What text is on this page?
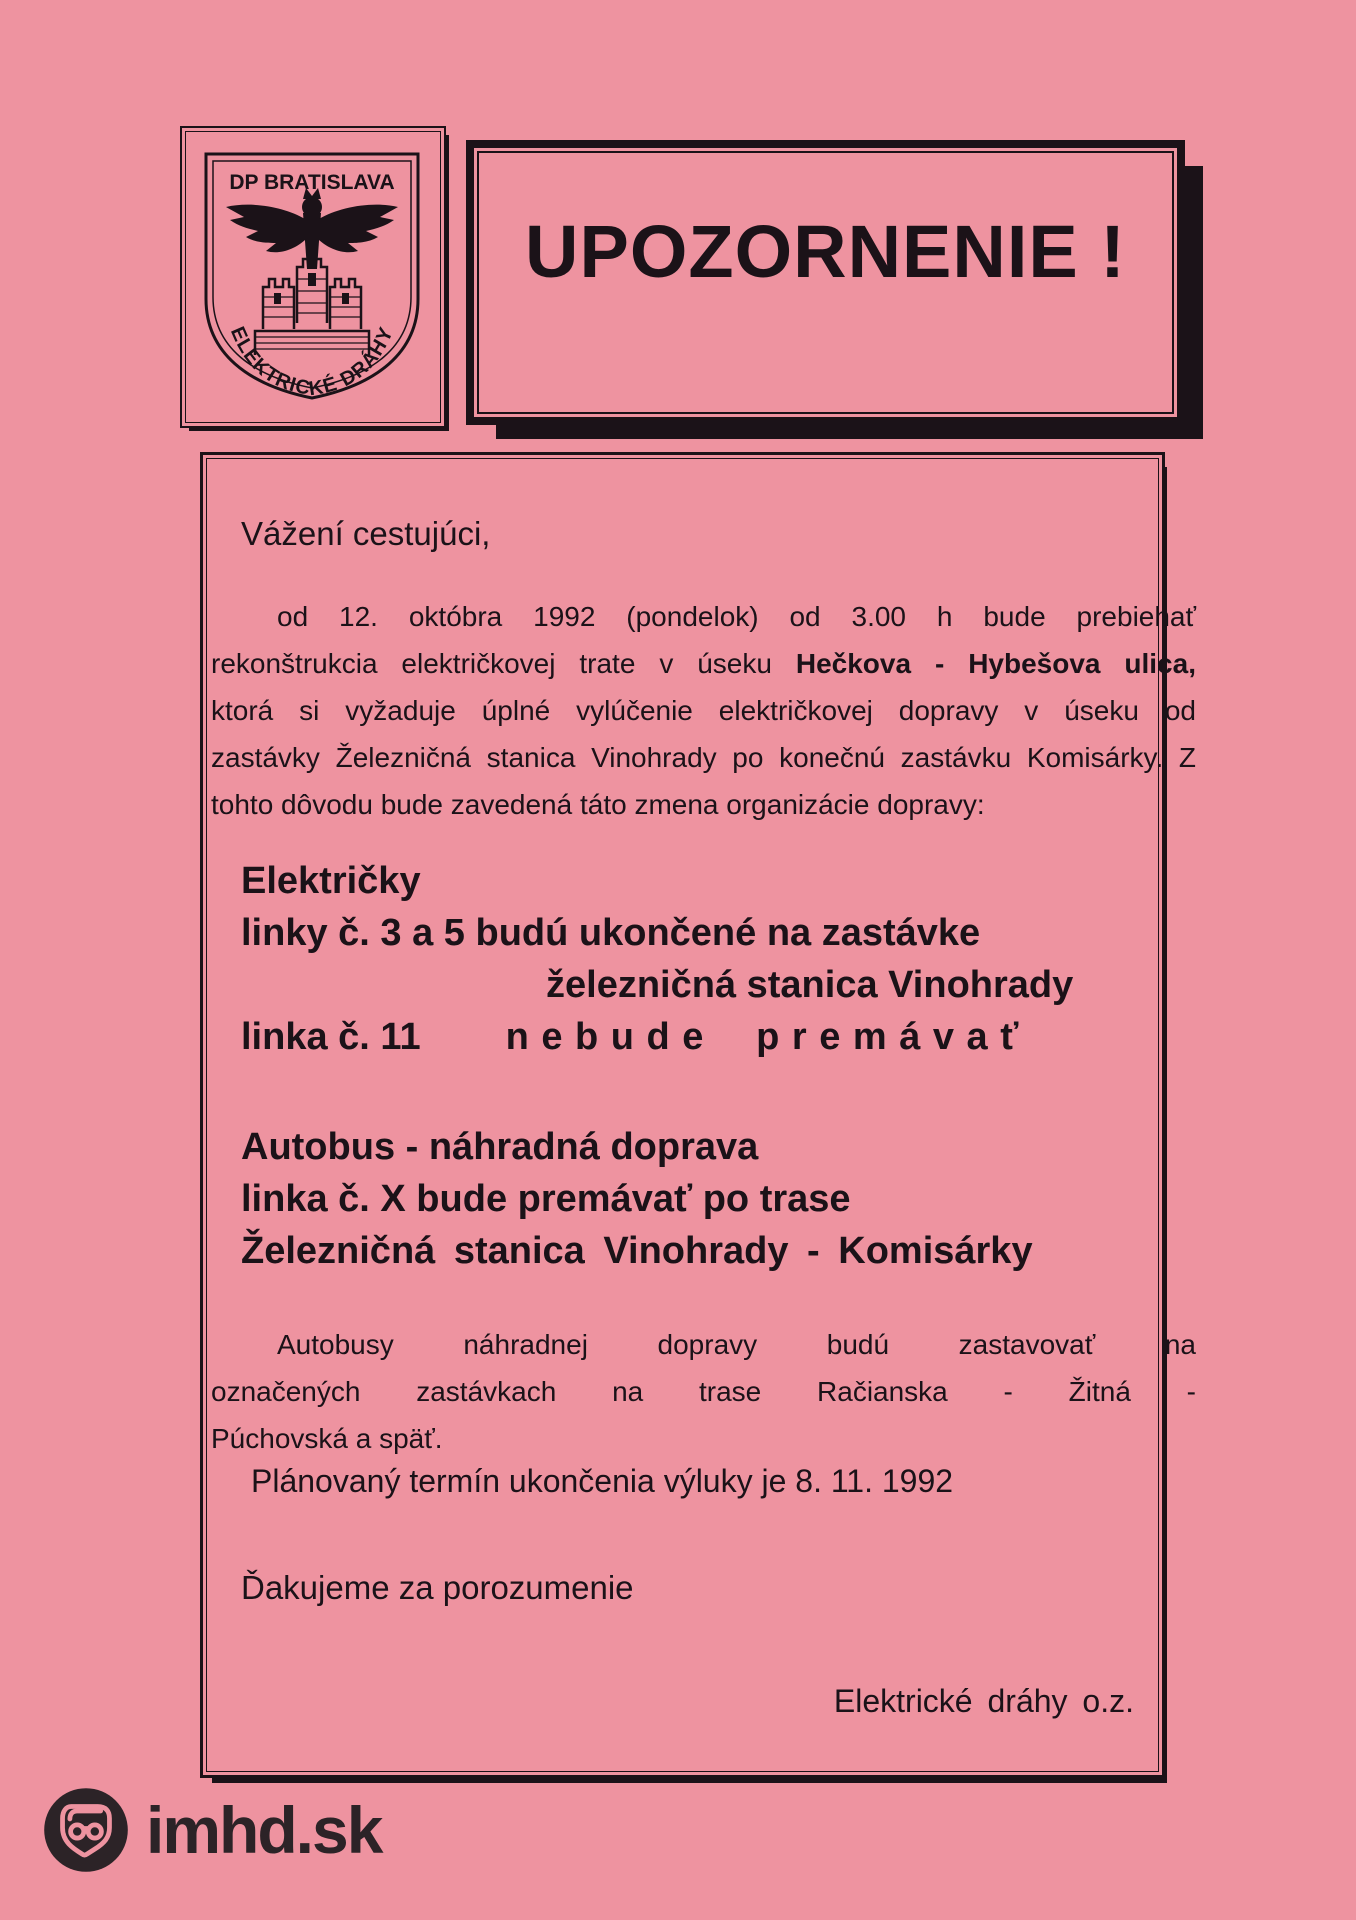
DP BRATISLAVA
ELEKTRICKÉ DRÁHY
UPOZORNENIE !
Vážení cestujúci,
od 12. októbra 1992 (pondelok) od 3.00 h bude prebiehať
rekonštrukcia električkovej trate v úseku Hečkova - Hybešova ulica,
ktorá si vyžaduje úplné vylúčenie električkovej dopravy v úseku od
zastávky Železničná stanica Vinohrady po konečnú zastávku Komisárky. Z
tohto dôvodu bude zavedená táto zmena organizácie dopravy:
Električky
linky č. 3 a 5 budú ukončené na zastávke
železničná stanica Vinohrady
linka č. 11 nebude premávať
Autobus - náhradná doprava
linka č. X bude premávať po trase
Železničná stanica Vinohrady - Komisárky
Autobusy náhradnej dopravy budú zastavovať na
označených zastávkach na trase Račianska - Žitná -
Púchovská a späť.
Plánovaný termín ukončenia výluky je 8. 11. 1992
Ďakujeme za porozumenie
Elektrické dráhy o.z.
imhd.sk
